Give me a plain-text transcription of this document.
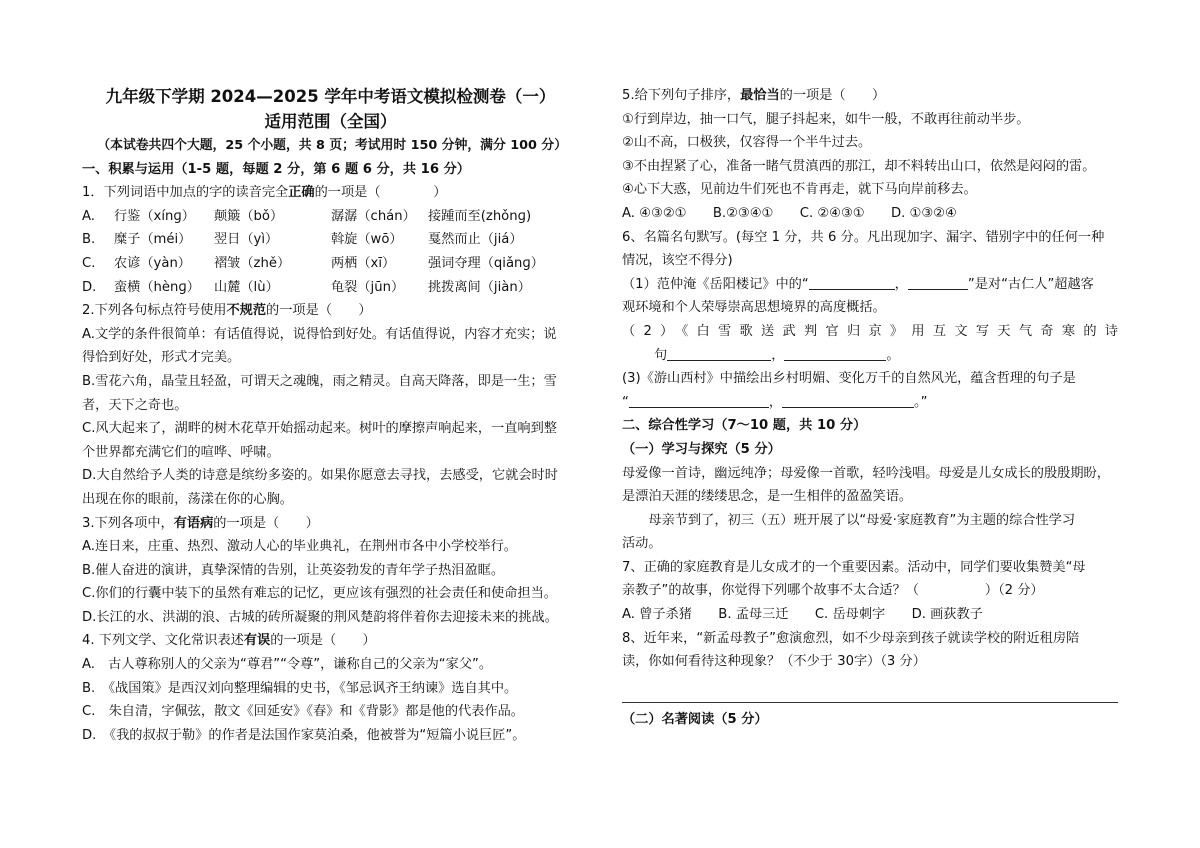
九年级下学期 2024—2025 学年中考语文模拟检测卷（一）
适用范围（全国）
（本试卷共四个大题，25 个小题，共 8 页；考试用时 150 分钟，满分 100 分）
一、积累与运用（1-5 题，每题 2 分，第 6 题 6 分，共 16 分）
1．下列词语中加点的字的读音完全正确的一项是（　　　　）
A.	行鉴（xínɡ）	颠簸（bǒ）	潺潺（chán） 接踵而至(zhǒnɡ)
B.	糜子（méi）	翌日（yì）	斡旋（wō）	戛然而止（jiá）
C.	农谚（yàn）	褶皱（zhě）	两栖（xī）	强词夺理（qiǎnɡ）
D.	蛮横（hènɡ）	山麓（lù）	龟裂（jūn）	挑拨离间（jiàn）
2.下列各句标点符号使用不规范的一项是（　　）
A.文学的条件很简单：有话值得说，说得恰到好处。有话值得说，内容才充实；说
得恰到好处，形式才完美。
B.雪花六角，晶莹且轻盈，可谓天之魂魄，雨之精灵。自高天降落，即是一生；雪
者，天下之奇也。
C.风大起来了，湖畔的树木花草开始摇动起来。树叶的摩擦声响起来，一直响到整
个世界都充满它们的喧哗、呼啸。
D.大自然给予人类的诗意是缤纷多姿的。如果你愿意去寻找，去感受，它就会时时
出现在你的眼前，荡漾在你的心胸。
3.下列各项中，有语病的一项是（　　）
A.连日来，庄重、热烈、激动人心的毕业典礼，在荆州市各中小学校举行。
B.催人奋进的演讲，真挚深情的告别，让英姿勃发的青年学子热泪盈眶。
C.你们的行囊中装下的虽然有难忘的记忆，更应该有强烈的社会责任和使命担当。
D.长江的水、洪湖的浪、古城的砖所凝聚的荆风楚韵将伴着你去迎接未来的挑战。
4. 下列文学、文化常识表述有误的一项是（　　）
A.　古人尊称别人的父亲为“尊君”“令尊”，谦称自己的父亲为“家父”。
B.　《战国策》是西汉刘向整理编辑的史书，《邹忌讽齐王纳谏》选自其中。
C.　朱自清，字佩弦，散文《回延安》《春》和《背影》都是他的代表作品。
D.　《我的叔叔于勒》的作者是法国作家莫泊桑，他被誉为“短篇小说巨匠”。
5.给下列句子排序，最恰当的一项是（　　）
①行到岸边，抽一口气，腿子抖起来，如牛一般，不敢再往前动半步。
②山不高，口极狭，仅容得一个半牛过去。
③不由捏紧了心，准备一睹气贯滇西的那江，却不料转出山口，依然是闷闷的雷。
④心下大惑，见前边牛们死也不肯再走，就下马向岸前移去。
A. ④③②①　　B.②③④①　　C. ②④③①　　D. ①③②④
6、名篇名句默写。(每空 1 分，共 6 分。凡出现加字、漏字、错别字中的任何一种
情况，该空不得分)
（1）范仲淹《岳阳楼记》中的“	，	”是对“古仁人”超越客
观环境和个人荣辱崇高思想境界的高度概括。
（2）《白雪歌送武判官归京》用互文写天气奇寒的诗
句	，	。
(3)《游山西村》中描绘出乡村明媚、变化万千的自然风光，蕴含哲理的句子是
“	，	。”
二、综合性学习（7～10 题，共 10 分）
（一）学习与探究（5 分）
母爱像一首诗，幽远纯净；母爱像一首歌，轻吟浅唱。母爱是儿女成长的殷殷期盼，
是漂泊天涯的缕缕思念，是一生相伴的盈盈笑语。
母亲节到了，初三（五）班开展了以“母爱·家庭教育”为主题的综合性学习
活动。
7、正确的家庭教育是儿女成才的一个重要因素。活动中，同学们要收集赞美“母
亲教子”的故事，你觉得下列哪个故事不太合适？（　　　　　）（2 分）
A. 曾子杀猪　　B. 孟母三迁　　C. 岳母刺字　　D. 画荻教子
8、近年来，“新孟母教子”愈演愈烈，如不少母亲到孩子就读学校的附近租房陪
读，你如何看待这种现象？（不少于 30字）（3 分）
（二）名著阅读（5 分）
